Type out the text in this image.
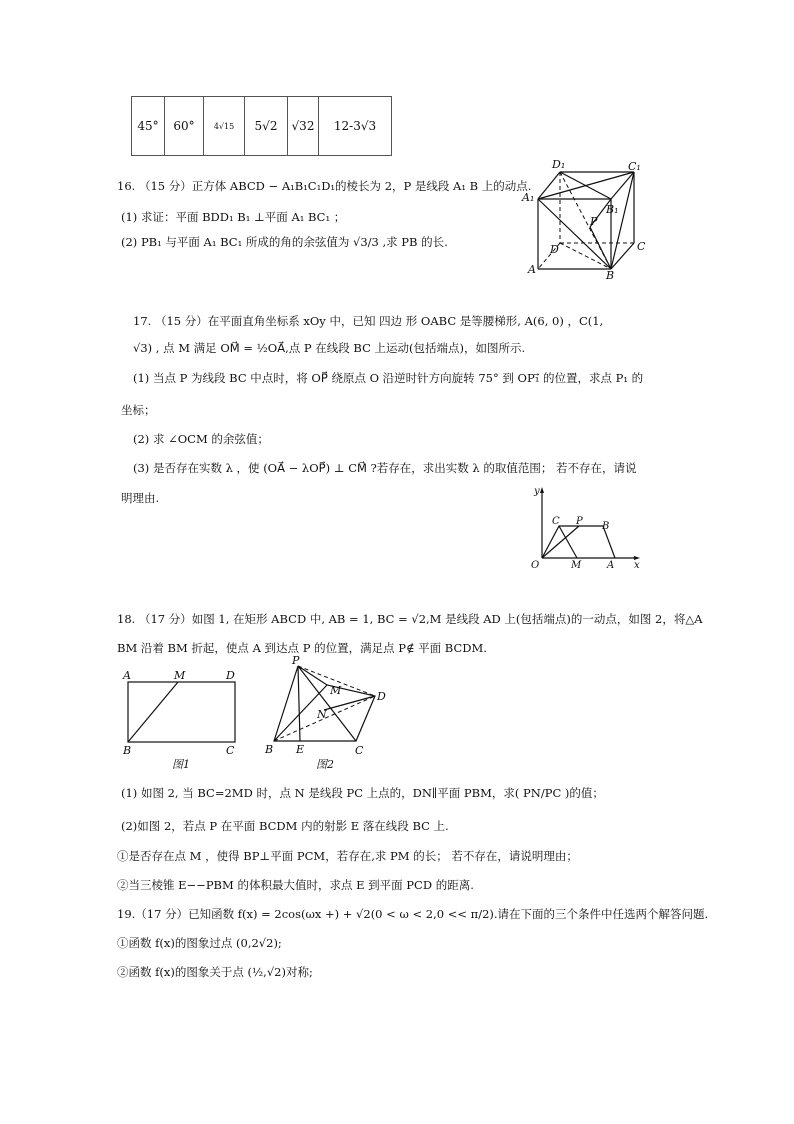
45°	60°	4√15	5√2	√32	12-3√3
16. （15 分）正方体 ABCD − A₁B₁C₁D₁的棱长为 2，P 是线段 A₁ B 上的动点.
(1) 求证：平面 BDD₁ B₁ ⊥平面 A₁ BC₁ ；
(2) PB₁ 与平面 A₁ BC₁ 所成的角的余弦值为 √3/3 ,求 PB 的长.
D₁	C₁
A₁
B₁
P
D	C
A	B
17. （15 分）在平面直角坐标系 xOy 中，已知 四边 形 OABC 是等腰梯形, A(6, 0) ，C(1,
√3) , 点 M 满足 OM⃗ = ½OA⃗,点 P 在线段 BC 上运动(包括端点)，如图所示.
(1) 当点 P 为线段 BC 中点时，将 OP⃗ 绕原点 O 沿逆时针方向旋转 75° 到 OP₁⃗ 的位置，求点 P₁ 的
坐标；
(2) 求 ∠OCM 的余弦值；
(3) 是否存在实数 λ ，使 (OA⃗ − λOP⃗) ⊥ CM⃗ ?若存在，求出实数 λ 的取值范围； 若不存在，请说
明理由.	y
C P B
O	M	A x
18. （17 分）如图 1, 在矩形 ABCD 中, AB = 1, BC = √2,M 是线段 AD 上(包括端点)的一动点，如图 2，将△A
BM 沿着 BM 折起，使点 A 到达点 P 的位置，满足点 P∉ 平面 BCDM.
A	M	D
B	C
图1
P
M	D
N
B E	C
图2
(1) 如图 2, 当 BC=2MD 时，点 N 是线段 PC 上点的，DN∥平面 PBM，求( PN/PC )的值；
(2)如图 2，若点 P 在平面 BCDM 内的射影 E 落在线段 BC 上.
①是否存在点 M ，使得 BP⊥平面 PCM，若存在,求 PM 的长； 若不存在，请说明理由；
②当三棱锥 E−−PBM 的体积最大值时，求点 E 到平面 PCD 的距离.
19.（17 分）已知函数 f(x) = 2cos(ωx +) + √2(0 < ω < 2,0 << π/2).请在下面的三个条件中任选两个解答问题.
①函数 f(x)的图象过点 (0,2√2);
②函数 f(x)的图象关于点 (½,√2)对称;
